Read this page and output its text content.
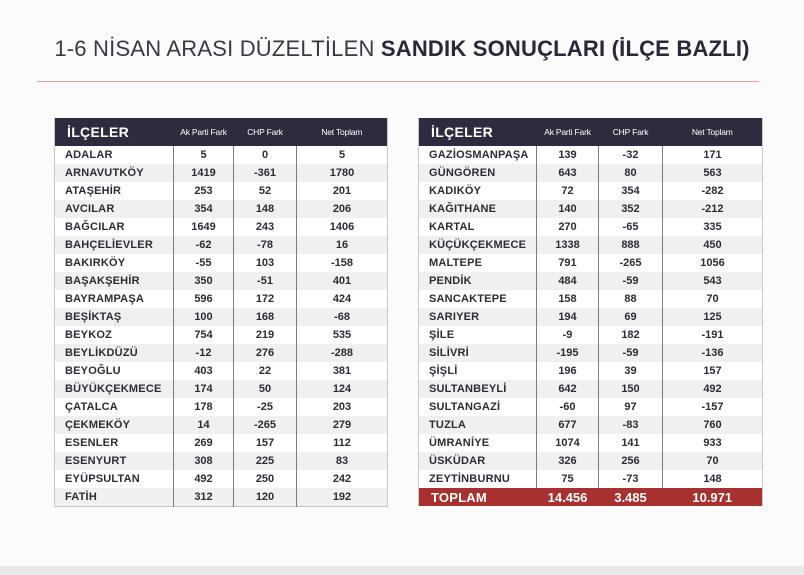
1-6 NİSAN ARASI DÜZELTİLEN SANDIK SONUÇLARI (İLÇE BAZLI)
İLÇELER	Ak Parti Fark	CHP Fark	Net Toplam
ADALAR	5	0	5
ARNAVUTKÖY	1419	-361	1780
ATAŞEHİR	253	52	201
AVCILAR	354	148	206
BAĞCILAR	1649	243	1406
BAHÇELİEVLER	-62	-78	16
BAKIRKÖY	-55	103	-158
BAŞAKŞEHİR	350	-51	401
BAYRAMPAŞA	596	172	424
BEŞİKTAŞ	100	168	-68
BEYKOZ	754	219	535
BEYLİKDÜZÜ	-12	276	-288
BEYOĞLU	403	22	381
BÜYÜKÇEKMECE	174	50	124
ÇATALCA	178	-25	203
ÇEKMEKÖY	14	-265	279
ESENLER	269	157	112
ESENYURT	308	225	83
EYÜPSULTAN	492	250	242
FATİH	312	120	192
İLÇELER	Ak Parti Fark	CHP Fark	Net Toplam
GAZİOSMANPAŞA	139	-32	171
GÜNGÖREN	643	80	563
KADIKÖY	72	354	-282
KAĞITHANE	140	352	-212
KARTAL	270	-65	335
KÜÇÜKÇEKMECE	1338	888	450
MALTEPE	791	-265	1056
PENDİK	484	-59	543
SANCAKTEPE	158	88	70
SARIYER	194	69	125
ŞİLE	-9	182	-191
SİLİVRİ	-195	-59	-136
ŞİŞLİ	196	39	157
SULTANBEYLİ	642	150	492
SULTANGAZİ	-60	97	-157
TUZLA	677	-83	760
ÜMRANİYE	1074	141	933
ÜSKÜDAR	326	256	70
ZEYTİNBURNU	75	-73	148
TOPLAM	14.456	3.485	10.971
